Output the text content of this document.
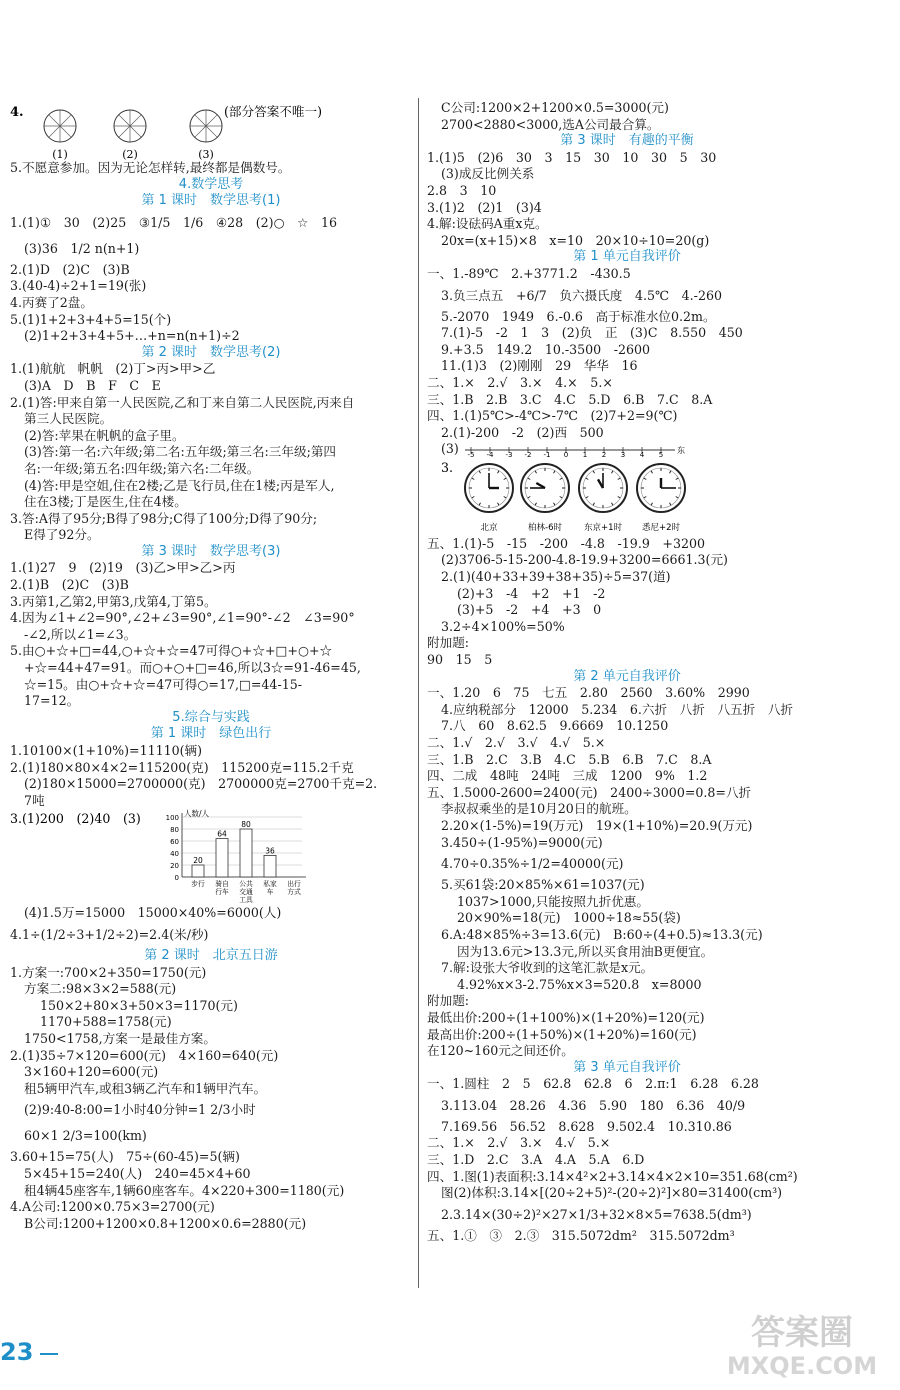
4.
(1)	(2)	(3)
(部分答案不唯一)
5.不愿意参加。因为无论怎样转,最终都是偶数号。
4.数学思考
第 1 课时　数学思考(1)
1.(1)①　30　(2)25　③1/5　1/6　④28　(2)○　☆　16
(3)36　1/2 n(n+1)
2.(1)D　(2)C　(3)B
3.(40-4)÷2+1=19(张)
4.丙赛了2盘。
5.(1)1+2+3+4+5=15(个)
(2)1+2+3+4+5+…+n=n(n+1)÷2
第 2 课时　数学思考(2)
1.(1)航航　帆帆　(2)丁>丙>甲>乙
(3)A　D　B　F　C　E
2.(1)答:甲来自第一人民医院,乙和丁来自第二人民医院,丙来自
第三人民医院。
(2)答:苹果在帆帆的盒子里。
(3)答:第一名:六年级;第二名:五年级;第三名:三年级;第四
名:一年级;第五名:四年级;第六名:二年级。
(4)答:甲是空姐,住在2楼;乙是飞行员,住在1楼;丙是军人,
住在3楼;丁是医生,住在4楼。
3.答:A得了95分;B得了98分;C得了100分;D得了90分;
E得了92分。
第 3 课时　数学思考(3)
1.(1)27　9　(2)19　(3)乙>甲>乙>丙
2.(1)B　(2)C　(3)B
3.丙第1,乙第2,甲第3,戊第4,丁第5。
4.因为∠1+∠2=90°,∠2+∠3=90°,∠1=90°-∠2　∠3=90°
-∠2,所以∠1=∠3。
5.由○+☆+□=44,○+☆+☆=47可得○+☆+□+○+☆
+☆=44+47=91。而○+○+□=46,所以3☆=91-46=45,
☆=15。由○+☆+☆=47可得○=17,□=44-15-
17=12。
5.综合与实践
第 1 课时　绿色出行
1.10100×(1+10%)=11110(辆)
2.(1)180×80×4×2=115200(克)　115200克=115.2千克
(2)180×15000=2700000(克)　2700000克=2700千克=2.
7吨
3.(1)200　(2)40　(3)
0
20
40
60
80
100 人数/人
20
64
80
36
步行 骑自
行车
公共
交通
工具
私家
车
出行
方式
(4)1.5万=15000　15000×40%=6000(人)
4.1÷(1/2÷3+1/2÷2)=2.4(米/秒)
第 2 课时　北京五日游
1.方案一:700×2+350=1750(元)
方案二:98×3×2=588(元)
150×2+80×3+50×3=1170(元)
1170+588=1758(元)
1750<1758,方案一是最佳方案。
2.(1)35÷7×120=600(元)　4×160=640(元)
3×160+120=600(元)
租5辆甲汽车,或租3辆乙汽车和1辆甲汽车。
(2)9:40-8:00=1小时40分钟=1 2/3小时
60×1 2/3=100(km)
3.60+15=75(人)　75÷(60-45)=5(辆)
5×45+15=240(人)　240=45×4+60
租4辆45座客车,1辆60座客车。4×220+300=1180(元)
4.A公司:1200×0.75×3=2700(元)
B公司:1200+1200×0.8+1200×0.6=2880(元)
C公司:1200×2+1200×0.5=3000(元)
2700<2880<3000,选A公司最合算。
第 3 课时　有趣的平衡
1.(1)5　(2)6　30　3　15　30　10　30　5　30
(3)成反比例关系
2.8　3　10
3.(1)2　(2)1　(3)4
4.解:设砝码A重x克。
20x=(x+15)×8　x=10　20×10÷10=20(g)
第 1 单元自我评价
一、1.-89℃　2.+3771.2　-430.5
3.负三点五　+6/7　负六摄氏度　4.5℃　4.-260
5.-2070　1949　6.-0.6　高于标准水位0.2m。
7.(1)-5　-2　1　3　(2)负　正　(3)C　8.550　450
9.+3.5　149.2　10.-3500　-2600
11.(1)3　(2)刚刚　29　华华　16
二、1.×　2.√　3.×　4.×　5.×
三、1.B　2.B　3.C　4.C　5.D　6.B　7.C　8.A
四、1.(1)5℃>-4℃>-7℃　(2)7+2=9(℃)
2.(1)-200　-2　(2)西　500
(3) -5 -4 -3 -2 -1 0 1 2 3 4 5 东
3.
北京	柏林-6时	东京+1时 悉尼+2时
五、1.(1)-5　-15　-200　-4.8　-19.9　+3200
(2)3706-5-15-200-4.8-19.9+3200=6661.3(元)
2.(1)(40+33+39+38+35)÷5=37(道)
(2)+3　-4　+2　+1　-2
(3)+5　-2　+4　+3　0
3.2÷4×100%=50%
附加题:
90　15　5
第 2 单元自我评价
一、1.20　6　75　七五　2.80　2560　3.60%　2990
4.应纳税部分　12000　5.234　6.六折　八折　八五折　八折
7.八　60　8.62.5　9.6669　10.1250
二、1.√　2.√　3.√　4.√　5.×
三、1.B　2.C　3.B　4.C　5.B　6.B　7.C　8.A
四、二成　48吨　24吨　三成　1200　9%　1.2
五、1.5000-2600=2400(元)　2400÷3000=0.8=八折
李叔叔乘坐的是10月20日的航班。
2.20×(1-5%)=19(万元)　19×(1+10%)=20.9(万元)
3.450÷(1-95%)=9000(元)
4.70÷0.35%÷1/2=40000(元)
5.买61袋:20×85%×61=1037(元)
1037>1000,只能按照九折优惠。
20×90%=18(元)　1000÷18≈55(袋)
6.A:48×85%÷3=13.6(元)　B:60÷(4+0.5)≈13.3(元)
因为13.6元>13.3元,所以买食用油B更便宜。
7.解:设张大爷收到的这笔汇款是x元。
4.92%x×3-2.75%x×3=520.8　x=8000
附加题:
最低出价:200÷(1+100%)×(1+20%)=120(元)
最高出价:200÷(1+50%)×(1+20%)=160(元)
在120~160元之间还价。
第 3 单元自我评价
一、1.圆柱　2　5　62.8　62.8　6　2.π:1　6.28　6.28
3.113.04　28.26　4.36　5.90　180　6.36　40/9
7.169.56　56.52　8.628　9.502.4　10.310.86
二、1.×　2.√　3.×　4.√　5.×
三、1.D　2.C　3.A　4.A　5.A　6.D
四、1.图(1)表面积:3.14×4²×2+3.14×4×2×10=351.68(cm²)
图(2)体积:3.14×[(20÷2+5)²-(20÷2)²]×80=31400(cm³)
2.3.14×(30÷2)²×27×1/3+32×8×5=7638.5(dm³)
五、1.①　③　2.③　315.5072dm²　315.5072dm³
23	答案圈
MXQE.COM
